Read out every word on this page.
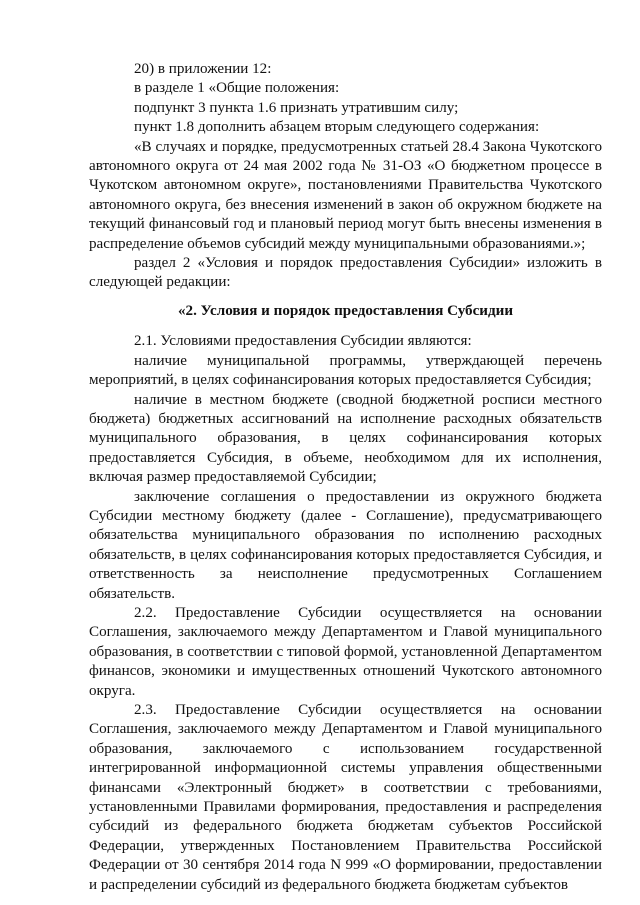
20) в приложении 12:

в разделе 1 «Общие положения:

подпункт 3 пункта 1.6 признать утратившим силу;

пункт 1.8 дополнить абзацем вторым следующего содержания:

«В случаях и порядке, предусмотренных статьей 28.4 Закона Чукотского автономного округа от 24 мая 2002 года № 31-ОЗ «О бюджетном процессе в Чукотском автономном округе», постановлениями Правительства Чукотского автономного округа, без внесения изменений в закон об окружном бюджете на текущий финансовый год и плановый период могут быть внесены изменения в распределение объемов субсидий между муниципальными образованиями.»;

раздел 2 «Условия и порядок предоставления Субсидии» изложить в следующей редакции:

«2. Условия и порядок предоставления Субсидии

2.1. Условиями предоставления Субсидии являются:

наличие муниципальной программы, утверждающей перечень мероприятий, в целях софинансирования которых предоставляется Субсидия;

наличие в местном бюджете (сводной бюджетной росписи местного бюджета) бюджетных ассигнований на исполнение расходных обязательств муниципального образования, в целях софинансирования которых предоставляется Субсидия, в объеме, необходимом для их исполнения, включая размер предоставляемой Субсидии;

заключение соглашения о предоставлении из окружного бюджета Субсидии местному бюджету (далее - Соглашение), предусматривающего обязательства муниципального образования по исполнению расходных обязательств, в целях софинансирования которых предоставляется Субсидия, и ответственность за неисполнение предусмотренных Соглашением обязательств.

2.2. Предоставление Субсидии осуществляется на основании Соглашения, заключаемого между Департаментом и Главой муниципального образования, в соответствии с типовой формой, установленной Департаментом финансов, экономики и имущественных отношений Чукотского автономного округа.

2.3. Предоставление Субсидии осуществляется на основании Соглашения, заключаемого между Департаментом и Главой муниципального образования, заключаемого с использованием государственной интегрированной информационной системы управления общественными финансами «Электронный бюджет» в соответствии с требованиями, установленными Правилами формирования, предоставления и распределения субсидий из федерального бюджета бюджетам субъектов Российской Федерации, утвержденных Постановлением Правительства Российской Федерации от 30 сентября 2014 года N 999 «О формировании, предоставлении и распределении субсидий из федерального бюджета бюджетам субъектов
